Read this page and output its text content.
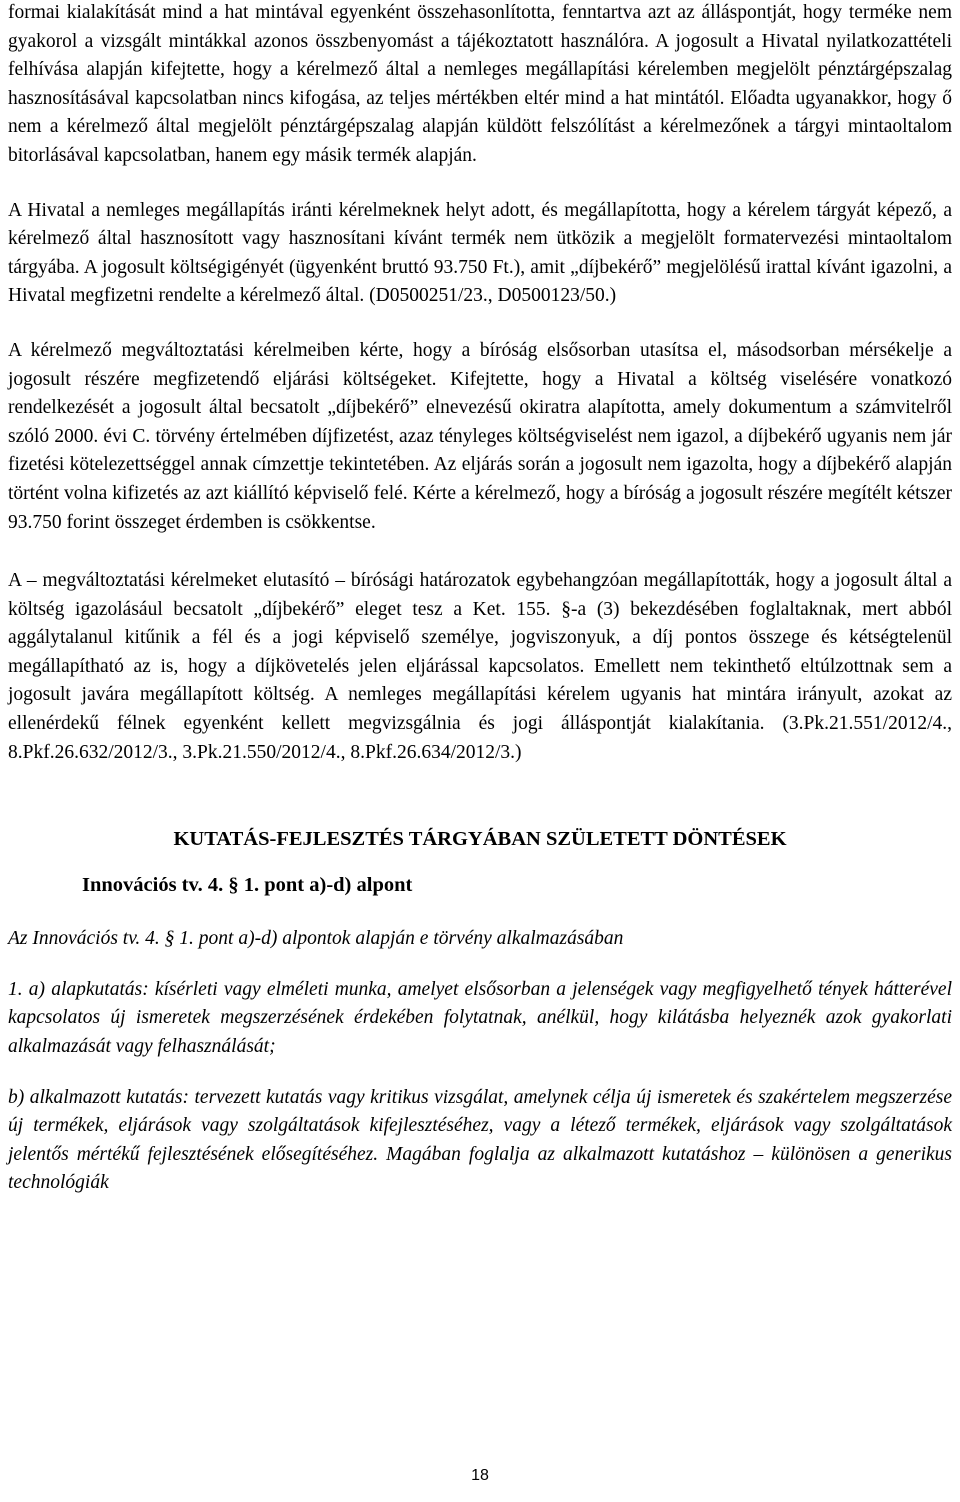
formai kialakítását mind a hat mintával egyenként összehasonlította, fenntartva azt az álláspontját, hogy terméke nem gyakorol a vizsgált mintákkal azonos összbenyomást a tájékoztatott használóra. A jogosult a Hivatal nyilatkozattételi felhívása alapján kifejtette, hogy a kérelmező által a nemleges megállapítási kérelemben megjelölt pénztárgépszalag hasznosításával kapcsolatban nincs kifogása, az teljes mértékben eltér mind a hat mintától. Előadta ugyanakkor, hogy ő nem a kérelmező által megjelölt pénztárgépszalag alapján küldött felszólítást a kérelmezőnek a tárgyi mintaoltalom bitorlásával kapcsolatban, hanem egy másik termék alapján.

A Hivatal a nemleges megállapítás iránti kérelmeknek helyt adott, és megállapította, hogy a kérelem tárgyát képező, a kérelmező által hasznosított vagy hasznosítani kívánt termék nem ütközik a megjelölt formatervezési mintaoltalom tárgyába. A jogosult költségigényét (ügyenként bruttó 93.750 Ft.), amit „díjbekérő” megjelölésű irattal kívánt igazolni, a Hivatal megfizetni rendelte a kérelmező által. (D0500251/23., D0500123/50.)

A kérelmező megváltoztatási kérelmeiben kérte, hogy a bíróság elsősorban utasítsa el, másodsorban mérsékelje a jogosult részére megfizetendő eljárási költségeket. Kifejtette, hogy a Hivatal a költség viselésére vonatkozó rendelkezését a jogosult által becsatolt „díjbekérő” elnevezésű okiratra alapította, amely dokumentum a számvitelről szóló 2000. évi C. törvény értelmében díjfizetést, azaz tényleges költségviselést nem igazol, a díjbekérő ugyanis nem jár fizetési kötelezettséggel annak címzettje tekintetében. Az eljárás során a jogosult nem igazolta, hogy a díjbekérő alapján történt volna kifizetés az azt kiállító képviselő felé. Kérte a kérelmező, hogy a bíróság a jogosult részére megítélt kétszer 93.750 forint összeget érdemben is csökkentse.

A – megváltoztatási kérelmeket elutasító – bírósági határozatok egybehangzóan megállapították, hogy a jogosult által a költség igazolásául becsatolt „díjbekérő” eleget tesz a Ket. 155. §-a (3) bekezdésében foglaltaknak, mert abból aggálytalanul kitűnik a fél és a jogi képviselő személye, jogviszonyuk, a díj pontos összege és kétségtelenül megállapítható az is, hogy a díjkövetelés jelen eljárással kapcsolatos. Emellett nem tekinthető eltúlzottnak sem a jogosult javára megállapított költség. A nemleges megállapítási kérelem ugyanis hat mintára irányult, azokat az ellenérdekű félnek egyenként kellett megvizsgálnia és jogi álláspontját kialakítania. (3.Pk.21.551/2012/4., 8.Pkf.26.632/2012/3., 3.Pk.21.550/2012/4., 8.Pkf.26.634/2012/3.)

KUTATÁS-FEJLESZTÉS TÁRGYÁBAN SZÜLETETT DÖNTÉSEK
Innovációs tv. 4. § 1. pont a)-d) alpont

Az Innovációs tv. 4. § 1. pont a)-d) alpontok alapján e törvény alkalmazásában

1. a) alapkutatás: kísérleti vagy elméleti munka, amelyet elsősorban a jelenségek vagy megfigyelhető tények hátterével kapcsolatos új ismeretek megszerzésének érdekében folytatnak, anélkül, hogy kilátásba helyeznék azok gyakorlati alkalmazását vagy felhasználását;

b) alkalmazott kutatás: tervezett kutatás vagy kritikus vizsgálat, amelynek célja új ismeretek és szakértelem megszerzése új termékek, eljárások vagy szolgáltatások kifejlesztéséhez, vagy a létező termékek, eljárások vagy szolgáltatások jelentős mértékű fejlesztésének elősegítéséhez. Magában foglalja az alkalmazott kutatáshoz – különösen a generikus technológiák

18
